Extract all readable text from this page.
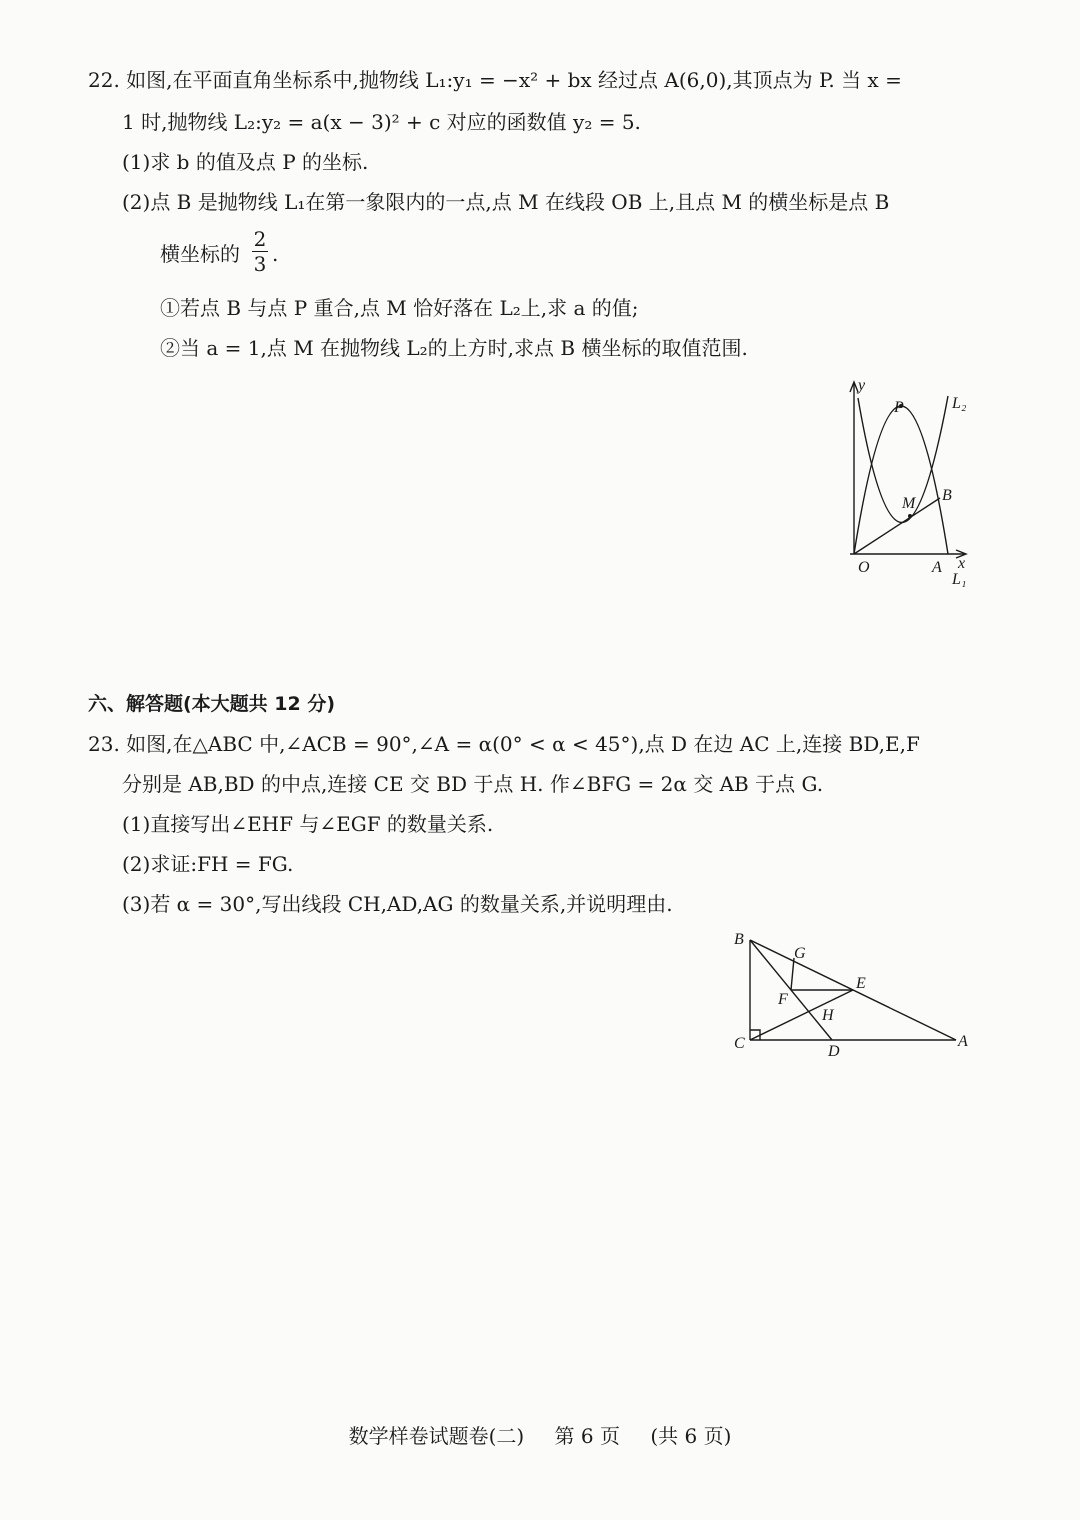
22. 如图,在平面直角坐标系中,抛物线 L₁:y₁ = −x² + bx 经过点 A(6,0),其顶点为 P. 当 x =
1 时,抛物线 L₂:y₂ = a(x − 3)² + c 对应的函数值 y₂ = 5.
(1)求 b 的值及点 P 的坐标.
(2)点 B 是抛物线 L₁在第一象限内的一点,点 M 在线段 OB 上,且点 M 的横坐标是点 B
横坐标的
2
3 .
①若点 B 与点 P 重合,点 M 恰好落在 L₂上,求 a 的值;
②当 a = 1,点 M 在抛物线 L₂的上方时,求点 B 横坐标的取值范围.
y
x
O	A
P
M B
L₂
L₁
六、解答题(本大题共 12 分)
23. 如图,在△ABC 中,∠ACB = 90°,∠A = α(0° < α < 45°),点 D 在边 AC 上,连接 BD,E,F
分别是 AB,BD 的中点,连接 CE 交 BD 于点 H. 作∠BFG = 2α 交 AB 于点 G.
(1)直接写出∠EHF 与∠EGF 的数量关系.
(2)求证:FH = FG.
(3)若 α = 30°,写出线段 CH,AD,AG 的数量关系,并说明理由.
B
G
E
F
H
C	D
A
数学样卷试题卷(二) 第 6 页 (共 6 页)
